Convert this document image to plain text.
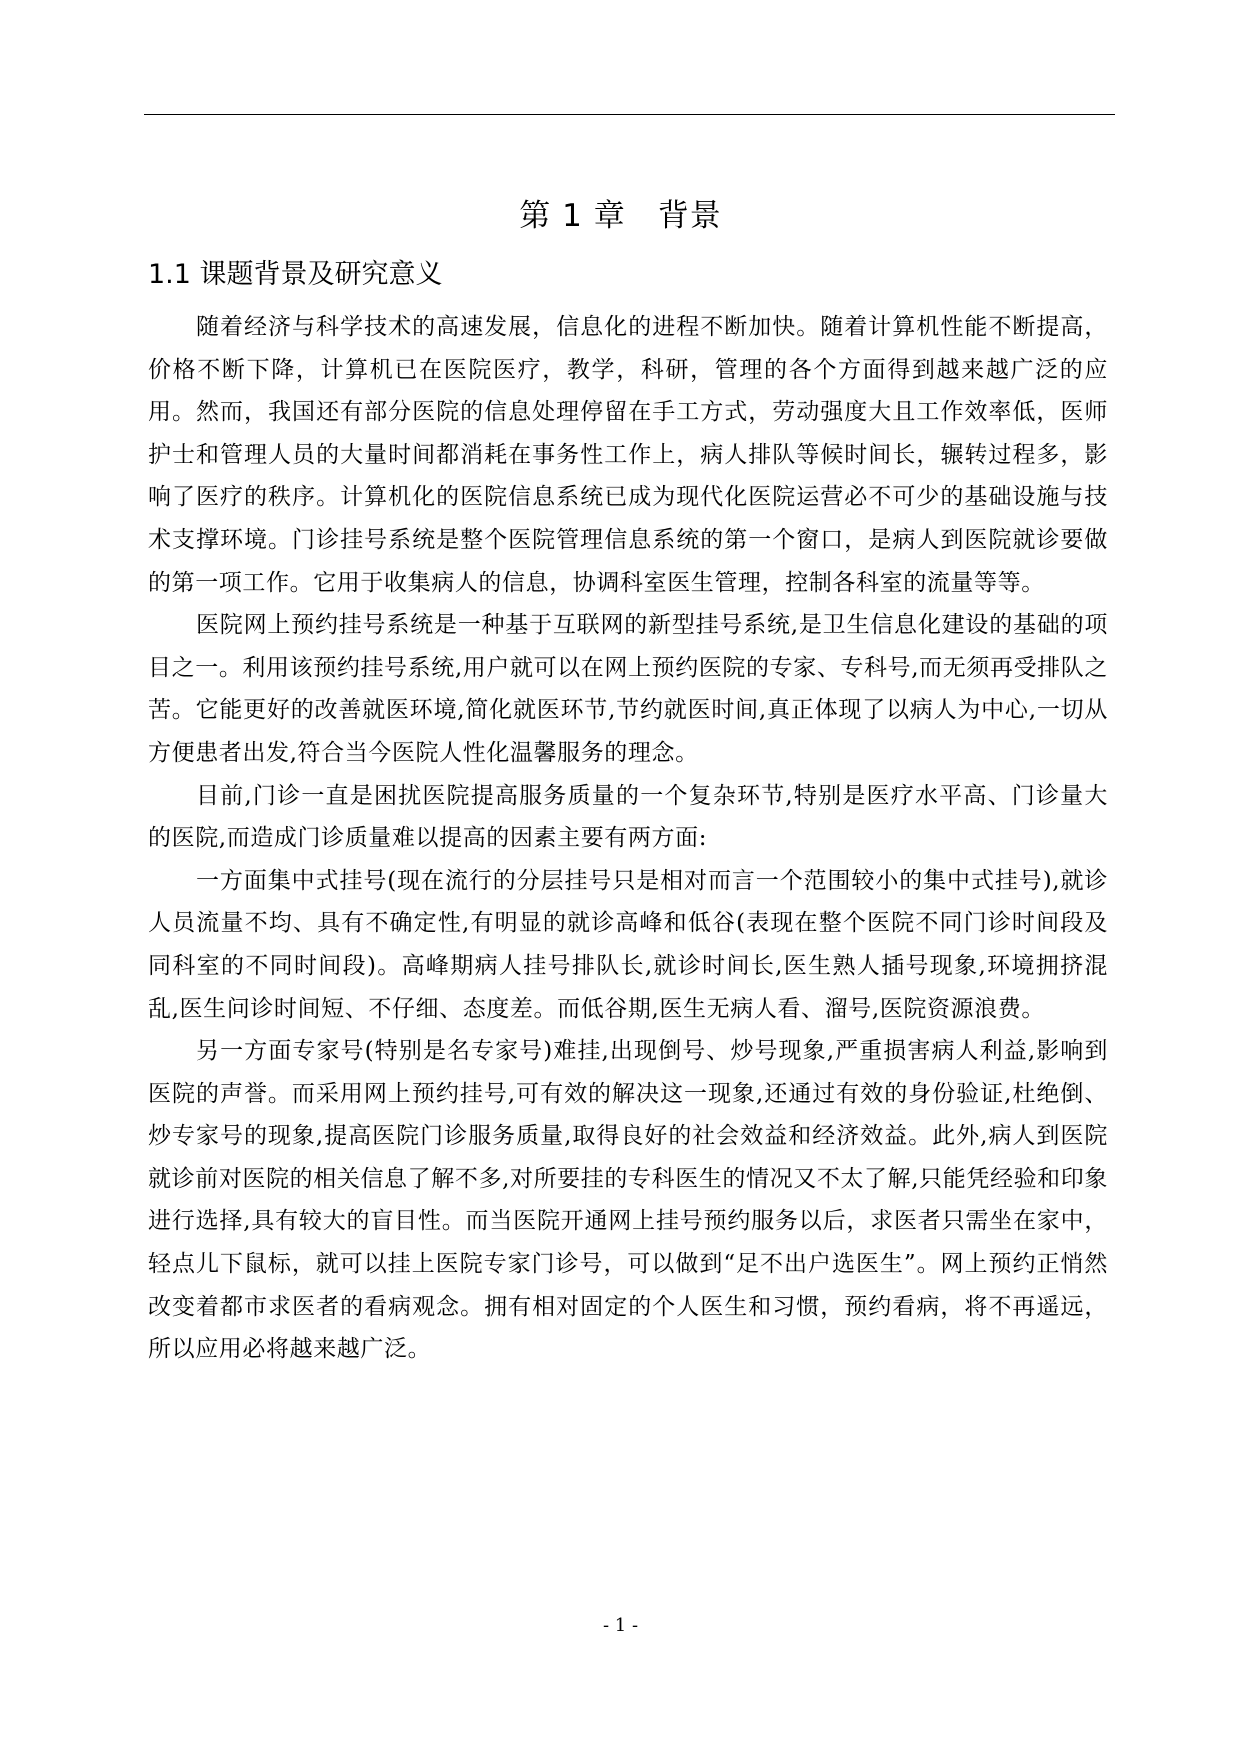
第 1 章　背景
1.1 课题背景及研究意义

随着经济与科学技术的高速发展，信息化的进程不断加快。随着计算机性能不断提高，价格不断下降，计算机已在医院医疗，教学，科研，管理的各个方面得到越来越广泛的应用。然而，我国还有部分医院的信息处理停留在手工方式，劳动强度大且工作效率低，医师护士和管理人员的大量时间都消耗在事务性工作上，病人排队等候时间长，辗转过程多，影响了医疗的秩序。计算机化的医院信息系统已成为现代化医院运营必不可少的基础设施与技术支撑环境。门诊挂号系统是整个医院管理信息系统的第一个窗口，是病人到医院就诊要做的第一项工作。它用于收集病人的信息，协调科室医生管理，控制各科室的流量等等。

医院网上预约挂号系统是一种基于互联网的新型挂号系统,是卫生信息化建设的基础的项目之一。利用该预约挂号系统,用户就可以在网上预约医院的专家、专科号,而无须再受排队之苦。它能更好的改善就医环境,简化就医环节,节约就医时间,真正体现了以病人为中心,一切从方便患者出发,符合当今医院人性化温馨服务的理念。

目前,门诊一直是困扰医院提高服务质量的一个复杂环节,特别是医疗水平高、门诊量大的医院,而造成门诊质量难以提高的因素主要有两方面:

一方面集中式挂号(现在流行的分层挂号只是相对而言一个范围较小的集中式挂号),就诊人员流量不均、具有不确定性,有明显的就诊高峰和低谷(表现在整个医院不同门诊时间段及同科室的不同时间段)。高峰期病人挂号排队长,就诊时间长,医生熟人插号现象,环境拥挤混乱,医生问诊时间短、不仔细、态度差。而低谷期,医生无病人看、溜号,医院资源浪费。

另一方面专家号(特别是名专家号)难挂,出现倒号、炒号现象,严重损害病人利益,影响到医院的声誉。而采用网上预约挂号,可有效的解决这一现象,还通过有效的身份验证,杜绝倒、炒专家号的现象,提高医院门诊服务质量,取得良好的社会效益和经济效益。此外,病人到医院就诊前对医院的相关信息了解不多,对所要挂的专科医生的情况又不太了解,只能凭经验和印象进行选择,具有较大的盲目性。而当医院开通网上挂号预约服务以后，求医者只需坐在家中，轻点儿下鼠标，就可以挂上医院专家门诊号，可以做到“足不出户选医生”。网上预约正悄然改变着都市求医者的看病观念。拥有相对固定的个人医生和习惯，预约看病，将不再遥远，所以应用必将越来越广泛。

- 1 -
